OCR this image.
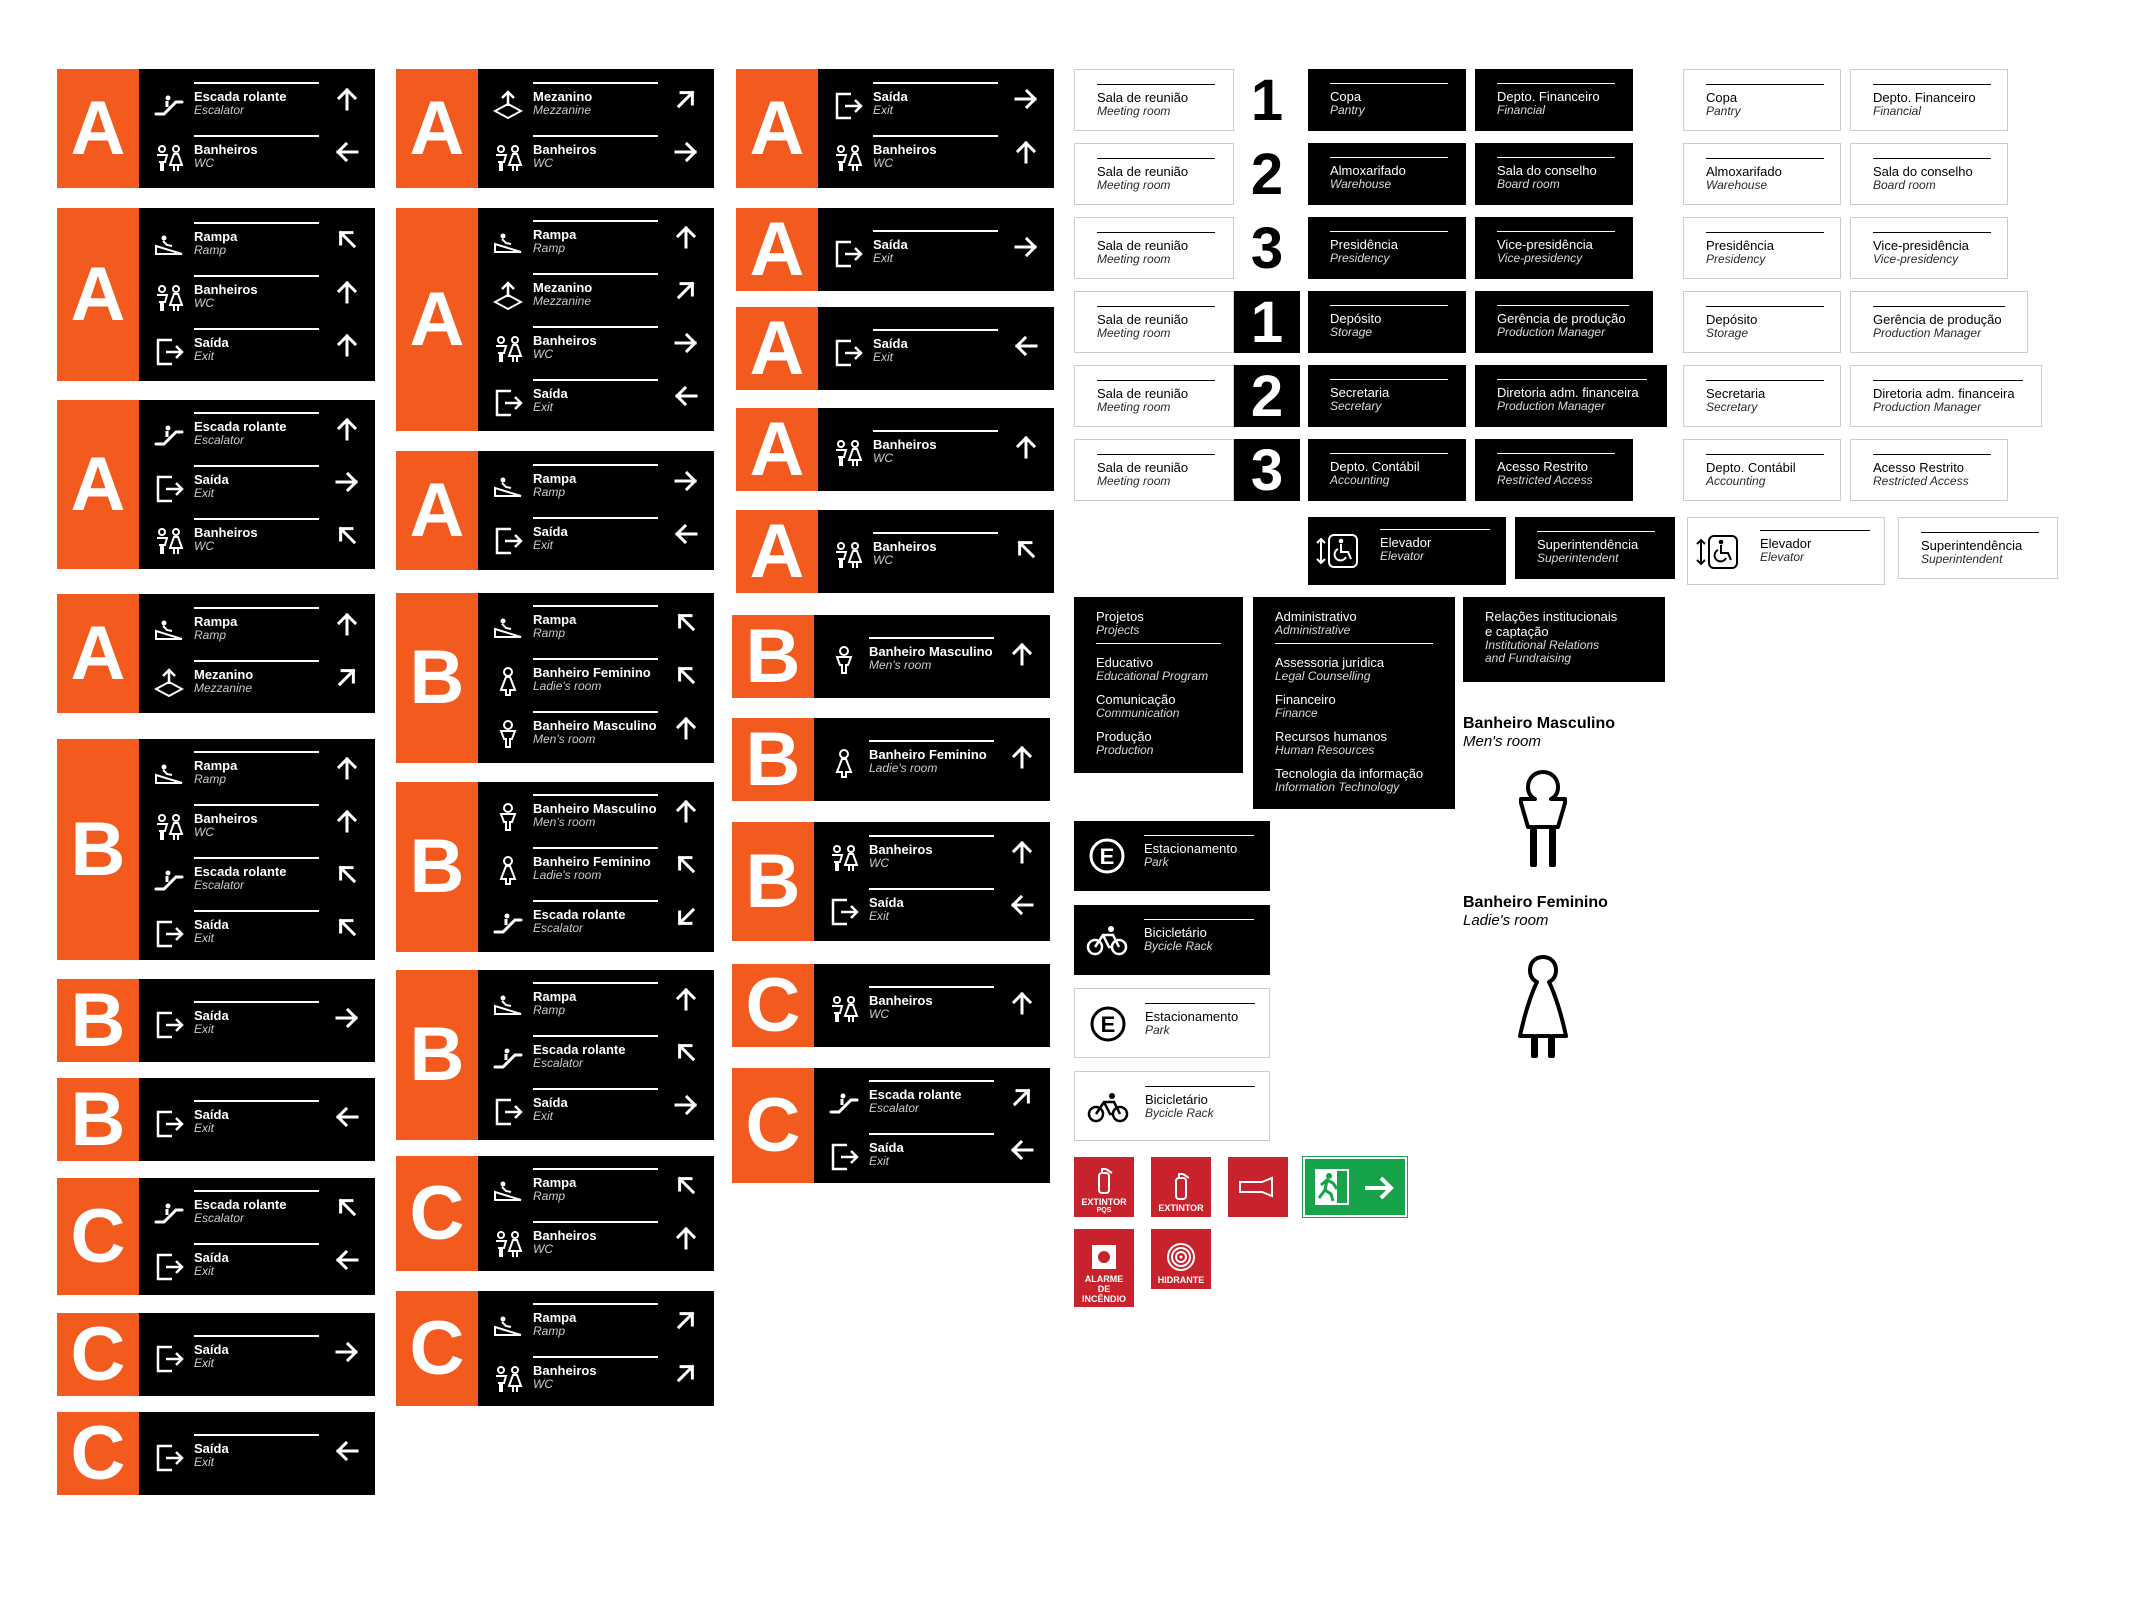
A	Escada rolante
Escalator
Banheiros
WC
A
Rampa
Ramp
Banheiros
WC
Saída
Exit
A
Escada rolante
Escalator
Saída
Exit
Banheiros
WC
A	Rampa
Ramp
Mezanino
Mezzanine
B
Rampa
Ramp
Banheiros
WC
Escada rolante
Escalator
Saída
Exit
B	Saída
Exit
B	Saída
Exit
C	Escada rolante
Escalator
Saída
Exit
C	Saída
Exit
C	Saída
Exit
A	Mezanino
Mezzanine
Banheiros
WC
A
Rampa
Ramp
Mezanino
Mezzanine
Banheiros
WC
Saída
Exit
A	Rampa
Ramp
Saída
Exit
B
Rampa
Ramp
Banheiro Feminino
Ladie's room
Banheiro Masculino
Men's room
B
Banheiro Masculino
Men's room
Banheiro Feminino
Ladie's room
Escada rolante
Escalator
B
Rampa
Ramp
Escada rolante
Escalator
Saída
Exit
C	Rampa
Ramp
Banheiros
WC
C	Rampa
Ramp
Banheiros
WC
A	Saída
Exit
Banheiros
WC
A	Saída
Exit
A	Saída
Exit
A	Banheiros
WC
A	Banheiros
WC
B	Banheiro Masculino
Men's room
B	Banheiro Feminino
Ladie's room
B	Banheiros
WC
Saída
Exit
C	Banheiros
WC
C	Escada rolante
Escalator
Saída
Exit
Sala de reunião
Meeting room 1
Sala de reunião
Meeting room 2
Sala de reunião
Meeting room 3
Sala de reunião
Meeting room 1
Sala de reunião
Meeting room 2
Sala de reunião
Meeting room 3
Copa
Pantry
Depto. Financeiro
Financial
Almoxarifado
Warehouse
Sala do conselho
Board room
Presidência
Presidency
Vice-presidência
Vice-presidency
Depósito
Storage
Gerência de produção
Production Manager
Secretaria
Secretary
Diretoria adm. financeira
Production Manager
Depto. Contábil
Accounting
Acesso Restrito
Restricted Access
Copa
Pantry
Depto. Financeiro
Financial
Almoxarifado
Warehouse
Sala do conselho
Board room
Presidência
Presidency
Vice-presidência
Vice-presidency
Depósito
Storage
Gerência de produção
Production Manager
Secretaria
Secretary
Diretoria adm. financeira
Production Manager
Depto. Contábil
Accounting
Acesso Restrito
Restricted Access
Elevador
Elevator
Superintendência
Superintendent
Elevador
Elevator
Superintendência
Superintendent
Projetos
Projects
Educativo
Educational Program
Comunicação
Communication
Produção
Production
Administrativo
Administrative
Assessoria jurídica
Legal Counselling
Financeiro
Finance
Recursos humanos
Human Resources
Tecnologia da informação
Information Technology
Relações institucionais
e captação
Institutional Relations
and Fundraising
Banheiro Masculino
Men's room
Banheiro Feminino
Ladie's room
E Estacionamento
Park
Bicicletário
Bycicle Rack
E Estacionamento
Park
Bicicletário
Bycicle Rack
EXTINTOR
PQS	EXTINTOR
ALARME
DE
INCÊNDIO
HIDRANTE
